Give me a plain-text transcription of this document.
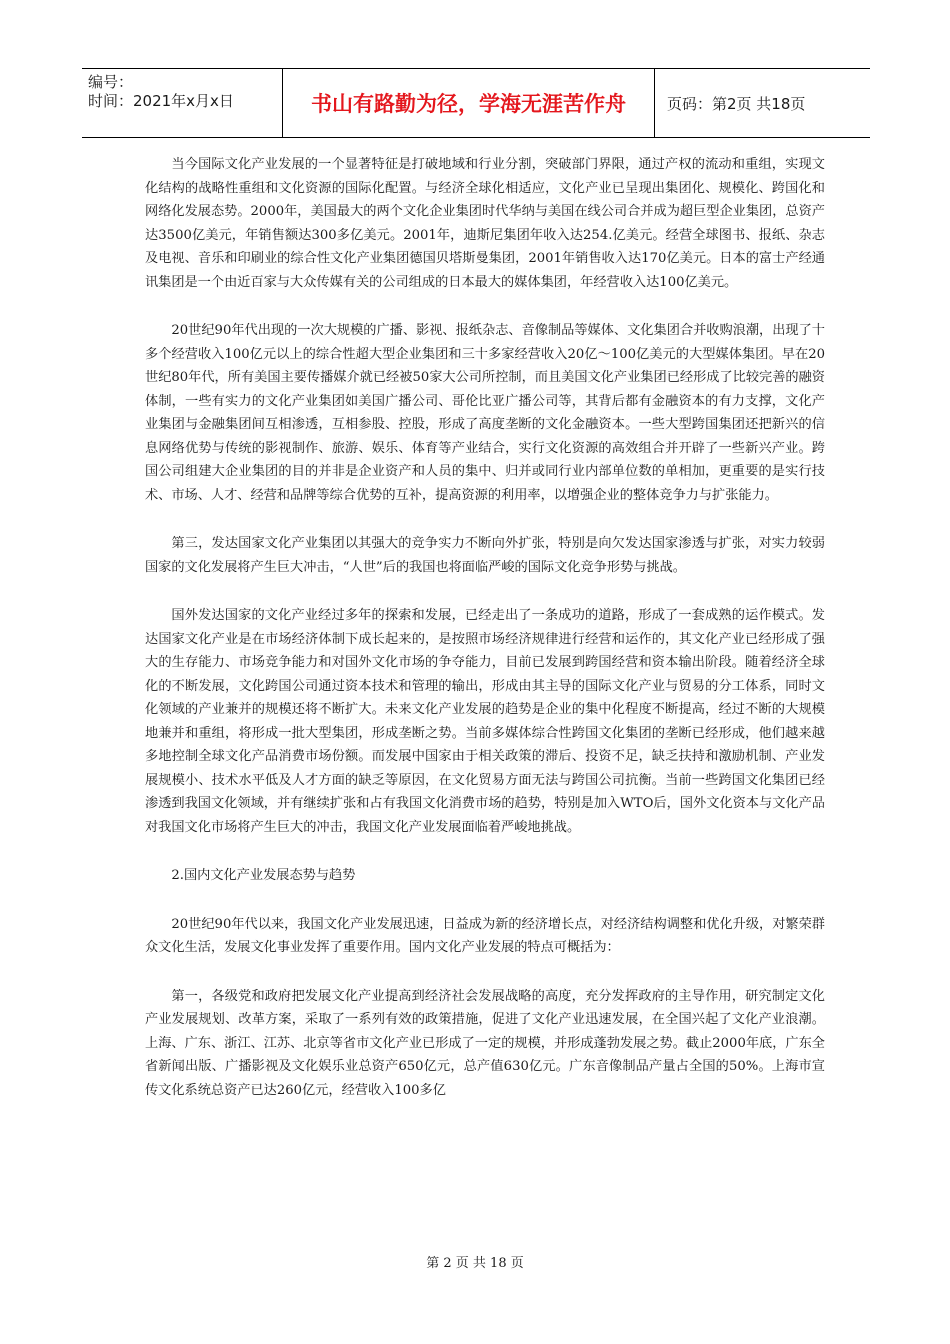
编号：
时间：2021年x月x日	书山有路勤为径，学海无涯苦作舟	页码：第2页 共18页

当今国际文化产业发展的一个显著特征是打破地域和行业分割，突破部门界限，通过产权的流动和重组，实现文化结构的战略性重组和文化资源的国际化配置。与经济全球化相适应，文化产业已呈现出集团化、规模化、跨国化和网络化发展态势。2000年，美国最大的两个文化企业集团时代华纳与美国在线公司合并成为超巨型企业集团，总资产达3500亿美元，年销售额达300多亿美元。2001年，迪斯尼集团年收入达254.亿美元。经营全球图书、报纸、杂志及电视、音乐和印刷业的综合性文化产业集团德国贝塔斯曼集团，2001年销售收入达170亿美元。日本的富士产经通讯集团是一个由近百家与大众传媒有关的公司组成的日本最大的媒体集团，年经营收入达100亿美元。

20世纪90年代出现的一次大规模的广播、影视、报纸杂志、音像制品等媒体、文化集团合并收购浪潮，出现了十多个经营收入100亿元以上的综合性超大型企业集团和三十多家经营收入20亿～100亿美元的大型媒体集团。早在20世纪80年代，所有美国主要传播媒介就已经被50家大公司所控制，而且美国文化产业集团已经形成了比较完善的融资体制，一些有实力的文化产业集团如美国广播公司、哥伦比亚广播公司等，其背后都有金融资本的有力支撑，文化产业集团与金融集团间互相渗透，互相参股、控股，形成了高度垄断的文化金融资本。一些大型跨国集团还把新兴的信息网络优势与传统的影视制作、旅游、娱乐、体育等产业结合，实行文化资源的高效组合并开辟了一些新兴产业。跨国公司组建大企业集团的目的并非是企业资产和人员的集中、归并或同行业内部单位数的单相加，更重要的是实行技术、市场、人才、经营和品牌等综合优势的互补，提高资源的利用率，以增强企业的整体竞争力与扩张能力。

第三，发达国家文化产业集团以其强大的竞争实力不断向外扩张，特别是向欠发达国家渗透与扩张，对实力较弱国家的文化发展将产生巨大冲击，“人世”后的我国也将面临严峻的国际文化竞争形势与挑战。

国外发达国家的文化产业经过多年的探索和发展，已经走出了一条成功的道路，形成了一套成熟的运作模式。发达国家文化产业是在市场经济体制下成长起来的，是按照市场经济规律进行经营和运作的，其文化产业已经形成了强大的生存能力、市场竞争能力和对国外文化市场的争夺能力，目前已发展到跨国经营和资本输出阶段。随着经济全球化的不断发展，文化跨国公司通过资本技术和管理的输出，形成由其主导的国际文化产业与贸易的分工体系，同时文化领域的产业兼并的规模还将不断扩大。未来文化产业发展的趋势是企业的集中化程度不断提高，经过不断的大规模地兼并和重组，将形成一批大型集团，形成垄断之势。当前多媒体综合性跨国文化集团的垄断已经形成，他们越来越多地控制全球文化产品消费市场份额。而发展中国家由于相关政策的滞后、投资不足，缺乏扶持和激励机制、产业发展规模小、技术水平低及人才方面的缺乏等原因，在文化贸易方面无法与跨国公司抗衡。当前一些跨国文化集团已经渗透到我国文化领域，并有继续扩张和占有我国文化消费市场的趋势，特别是加入WTO后，国外文化资本与文化产品对我国文化市场将产生巨大的冲击，我国文化产业发展面临着严峻地挑战。

2.国内文化产业发展态势与趋势

20世纪90年代以来，我国文化产业发展迅速，日益成为新的经济增长点，对经济结构调整和优化升级，对繁荣群众文化生活，发展文化事业发挥了重要作用。国内文化产业发展的特点可概括为：

第一，各级党和政府把发展文化产业提高到经济社会发展战略的高度，充分发挥政府的主导作用，研究制定文化产业发展规划、改革方案，采取了一系列有效的政策措施，促进了文化产业迅速发展，在全国兴起了文化产业浪潮。上海、广东、浙江、江苏、北京等省市文化产业已形成了一定的规模，并形成蓬勃发展之势。截止2000年底，广东全省新闻出版、广播影视及文化娱乐业总资产650亿元，总产值630亿元。广东音像制品产量占全国的50%。上海市宣传文化系统总资产已达260亿元，经营收入100多亿

第 2 页 共 18 页
